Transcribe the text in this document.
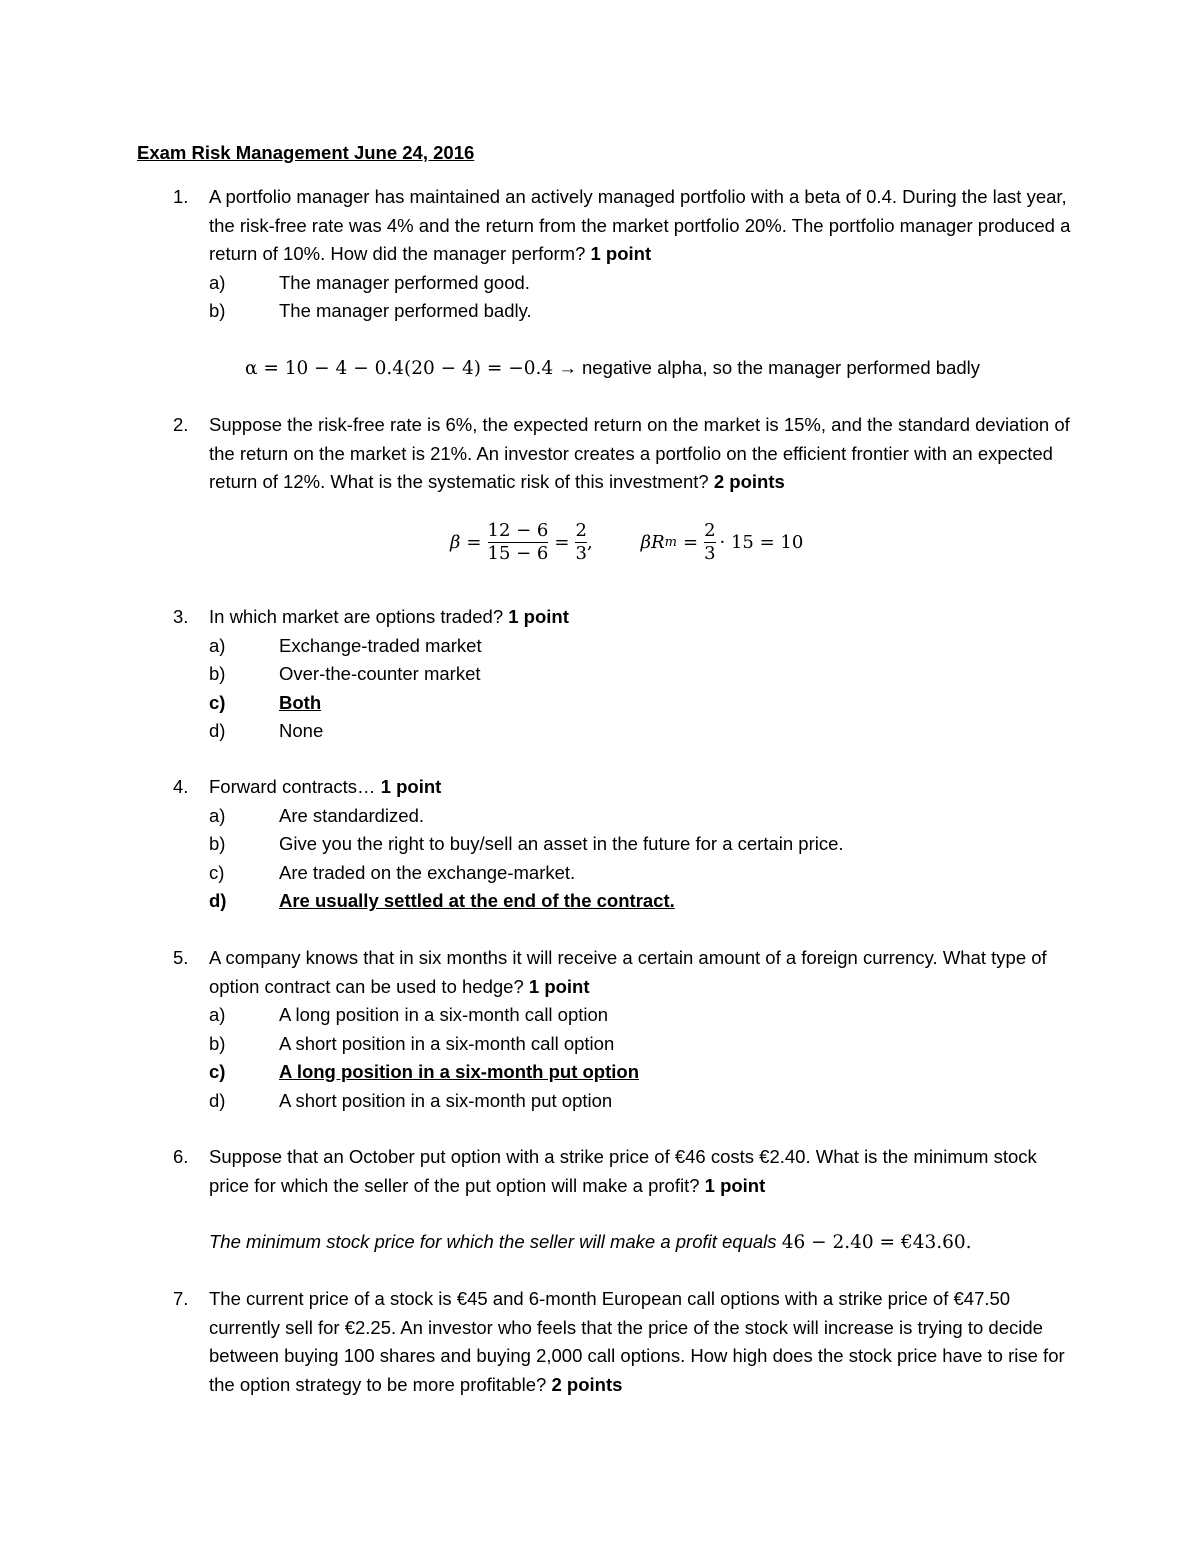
Exam Risk Management June 24, 2016
1.	A portfolio manager has maintained an actively managed portfolio with a beta of 0.4. During the last year, the risk-free rate was 4% and the return from the market portfolio 20%. The portfolio manager produced a return of 10%. How did the manager perform? 1 point
a)	The manager performed good.
b)	The manager performed badly.
α = 10 − 4 − 0.4(20 − 4) = −0.4 → negative alpha, so the manager performed badly
2.	Suppose the risk-free rate is 6%, the expected return on the market is 15%, and the standard deviation of the return on the market is 21%. An investor creates a portfolio on the efficient frontier with an expected return of 12%. What is the systematic risk of this investment? 2 points
$\beta = \frac{12 - 6}{15 - 6} = \frac{2}{3}$ ,	βR $m = \frac{2}{3} \cdot 15 = 10$
3.	In which market are options traded? 1 point
a)	Exchange-traded market
b)	Over-the-counter market
c)	Both
d)	None
4.	Forward contracts… 1 point
a)	Are standardized.
b)	Give you the right to buy/sell an asset in the future for a certain price.
c)	Are traded on the exchange-market.
d)	Are usually settled at the end of the contract.
5.	A company knows that in six months it will receive a certain amount of a foreign currency. What type of option contract can be used to hedge? 1 point
a)	A long position in a six-month call option
b)	A short position in a six-month call option
c)	A long position in a six-month put option
d)	A short position in a six-month put option
6.	Suppose that an October put option with a strike price of €46 costs €2.40. What is the minimum stock price for which the seller of the put option will make a profit? 1 point
The minimum stock price for which the seller will make a profit equals 46 − 2.40 = €43.60.
7.	The current price of a stock is €45 and 6-month European call options with a strike price of €47.50 currently sell for €2.25. An investor who feels that the price of the stock will increase is trying to decide between buying 100 shares and buying 2,000 call options. How high does the stock price have to rise for the option strategy to be more profitable? 2 points
